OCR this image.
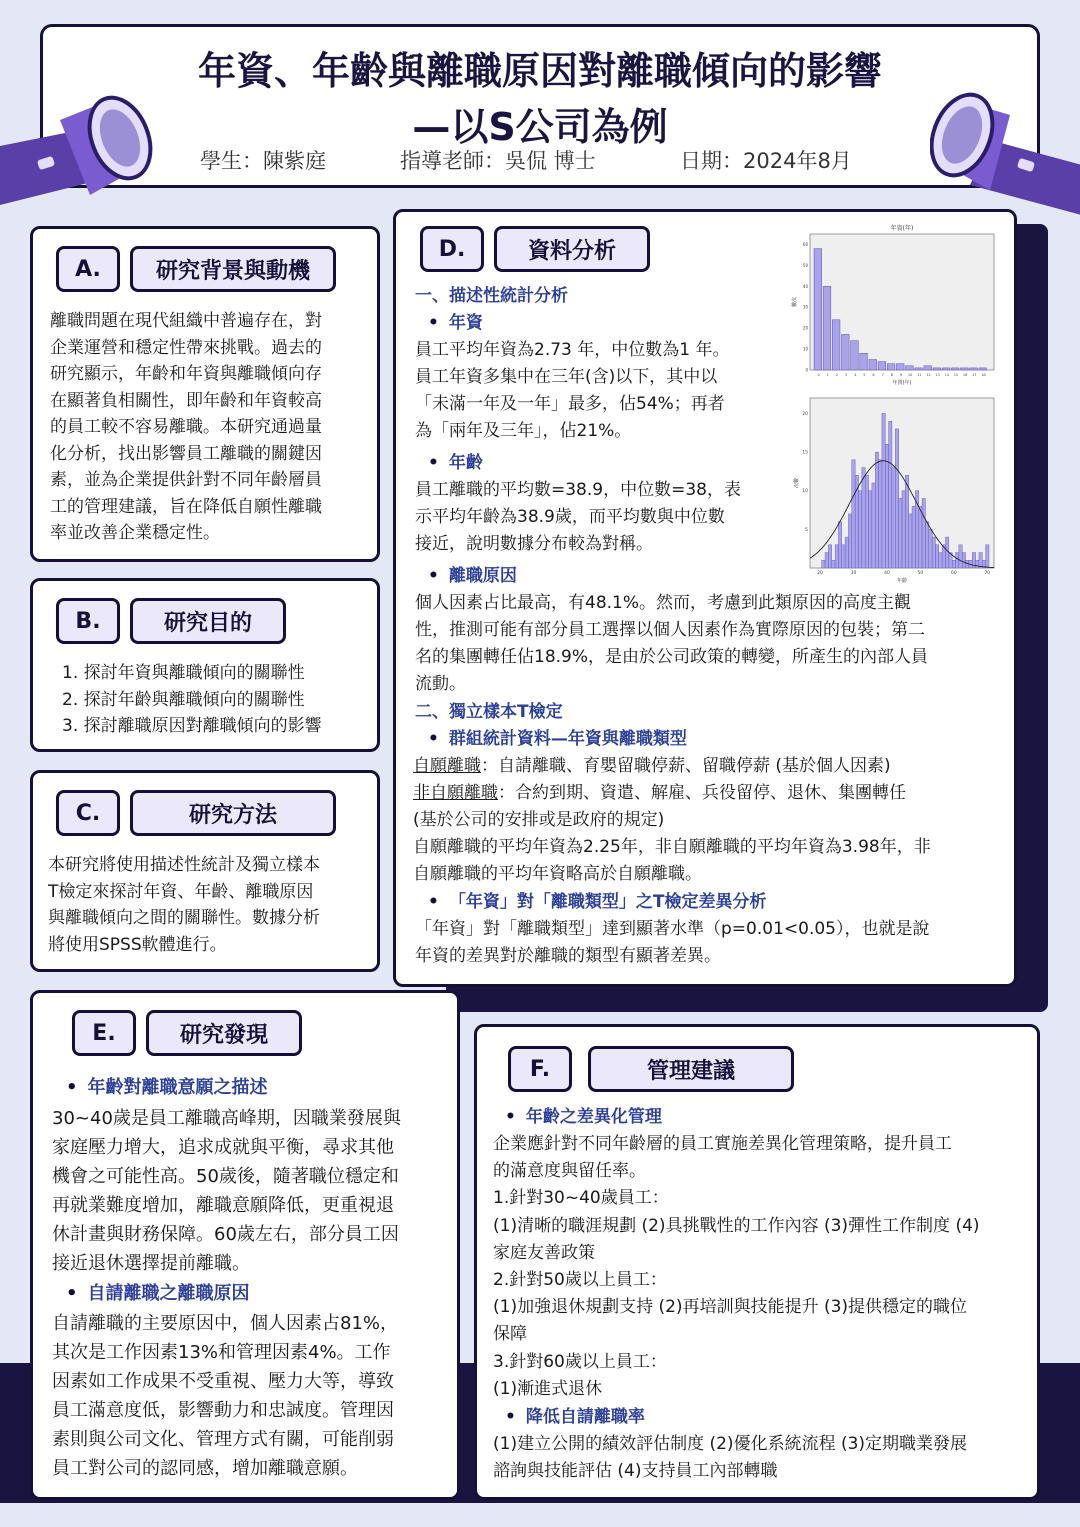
年資、年齡與離職原因對離職傾向的影響
—以S公司為例
學生：陳紫庭	指導老師：吳侃 博士	日期：2024年8月
A.	研究背景與動機
離職問題在現代組織中普遍存在，對
企業運營和穩定性帶來挑戰。過去的
研究顯示，年齡和年資與離職傾向存
在顯著負相關性，即年齡和年資較高
的員工較不容易離職。本研究通過量
化分析，找出影響員工離職的關鍵因
素，並為企業提供針對不同年齡層員
工的管理建議，旨在降低自願性離職
率並改善企業穩定性。
B.	研究目的
1. 探討年資與離職傾向的關聯性
2. 探討年齡與離職傾向的關聯性
3. 探討離職原因對離職傾向的影響
C.	研究方法
本研究將使用描述性統計及獨立樣本
T檢定來探討年資、年齡、離職原因
與離職傾向之間的關聯性。數據分析
將使用SPSS軟體進行。
D.	資料分析
一、描述性統計分析
• 年資
員工平均年資為2.73 年，中位數為1 年。
員工年資多集中在三年(含)以下，其中以
「未滿一年及一年」最多，佔54%；再者
為「兩年及三年」，佔21%。
• 年齡
員工離職的平均數=38.9，中位數=38，表
示平均年齡為38.9歲，而平均數與中位數
接近，說明數據分布較為對稱。
• 離職原因
個人因素占比最高，有48.1%。然而，考慮到此類原因的高度主觀
性，推測可能有部分員工選擇以個人因素作為實際原因的包裝；第二
名的集團轉任佔18.9%，是由於公司政策的轉變，所產生的內部人員
流動。
二、獨立樣本T檢定
• 群組統計資料—年資與離職類型
自願離職：自請離職、育嬰留職停薪、留職停薪 (基於個人因素)
非自願離職：合約到期、資遣、解雇、兵役留停、退休、集團轉任
(基於公司的安排或是政府的規定)
自願離職的平均年資為2.25年，非自願離職的平均年資為3.98年，非
自願離職的平均年資略高於自願離職。
• 「年資」對「離職類型」之T檢定差異分析
「年資」對「離職類型」達到顯著水準（p=0.01<0.05），也就是說
年資的差異對於離職的類型有顯著差異。
年資(年)
0 1 2 3 4 5 6 7 8 9 10 11 12 13 14 15 16 17 18
0
10
20
30
40
50
60
年資(年)
數次
20	30	40	50	60	70
5
10
15
20
年齡
次數
E.	研究發現
• 年齡對離職意願之描述
30~40歲是員工離職高峰期，因職業發展與
家庭壓力增大，追求成就與平衡，尋求其他
機會之可能性高。50歲後，隨著職位穩定和
再就業難度增加，離職意願降低，更重視退
休計畫與財務保障。60歲左右，部分員工因
接近退休選擇提前離職。
• 自請離職之離職原因
自請離職的主要原因中，個人因素占81%，
其次是工作因素13%和管理因素4%。工作
因素如工作成果不受重視、壓力大等，導致
員工滿意度低，影響動力和忠誠度。管理因
素則與公司文化、管理方式有關，可能削弱
員工對公司的認同感，增加離職意願。
F.	管理建議
• 年齡之差異化管理
企業應針對不同年齡層的員工實施差異化管理策略，提升員工
的滿意度與留任率。
1.針對30~40歲員工：
(1)清晰的職涯規劃 (2)具挑戰性的工作內容 (3)彈性工作制度 (4)
家庭友善政策
2.針對50歲以上員工：
(1)加強退休規劃支持 (2)再培訓與技能提升 (3)提供穩定的職位
保障
3.針對60歲以上員工：
(1)漸進式退休
• 降低自請離職率
(1)建立公開的績效評估制度 (2)優化系統流程 (3)定期職業發展
諮詢與技能評估 (4)支持員工內部轉職
